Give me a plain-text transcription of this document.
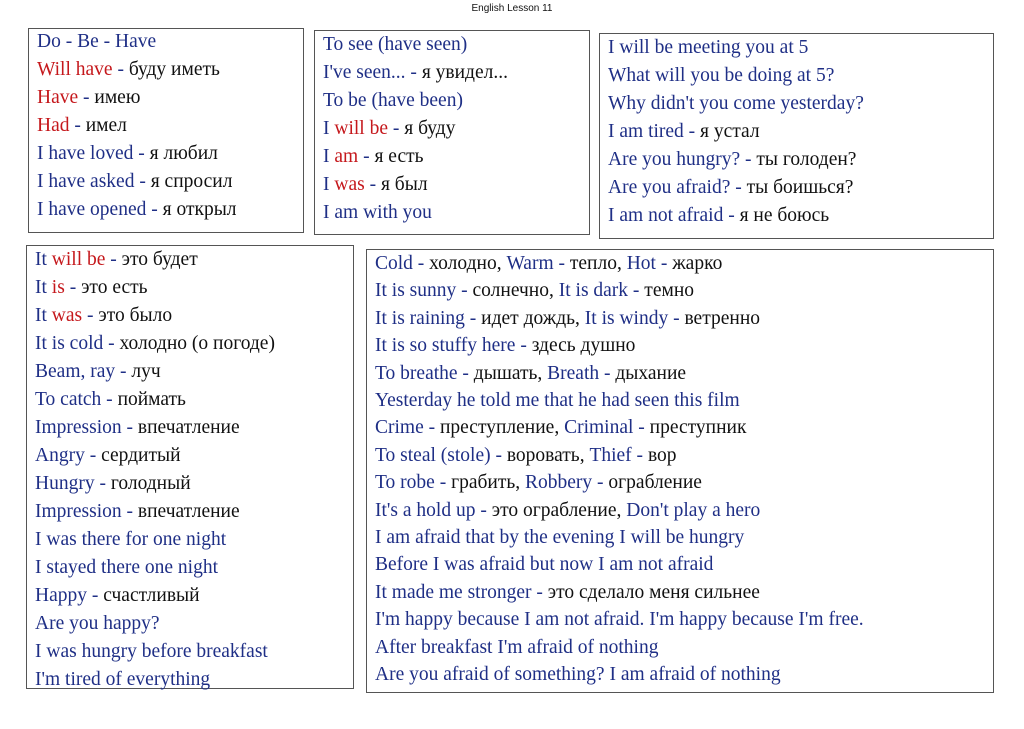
English Lesson 11
Do - Be - Have
Will have - буду иметь
Have - имею
Had - имел
I have loved - я любил
I have asked - я спросил
I have opened - я открыл
To see (have seen)
I've seen... - я увидел...
To be (have been)
I will be - я буду
I am - я есть
I was - я был
I am with you
I will be meeting you at 5
What will you be doing at 5?
Why didn't you come yesterday?
I am tired - я устал
Are you hungry? - ты голоден?
Are you afraid? - ты боишься?
I am not afraid - я не боюсь
It will be - это будет
It is - это есть
It was - это было
It is cold - холодно (о погоде)
Beam, ray - луч
To catch - поймать
Impression - впечатление
Angry - сердитый
Hungry - голодный
Impression - впечатление
I was there for one night
I stayed there one night
Happy - счастливый
Are you happy?
I was hungry before breakfast
I'm tired of everything
Cold - холодно, Warm - тепло, Hot - жарко
It is sunny - солнечно, It is dark - темно
It is raining - идет дождь, It is windy - ветренно
It is so stuffy here - здесь душно
To breathe - дышать, Breath - дыхание
Yesterday he told me that he had seen this film
Crime - преступление, Criminal - преступник
To steal (stole) - воровать, Thief - вор
To robe - грабить, Robbery - ограбление
It's a hold up - это ограбление, Don't play a hero
I am afraid that by the evening I will be hungry
Before I was afraid but now I am not afraid
It made me stronger - это сделало меня сильнее
I'm happy because I am not afraid. I'm happy because I'm free.
After breakfast I'm afraid of nothing
Are you afraid of something? I am afraid of nothing
